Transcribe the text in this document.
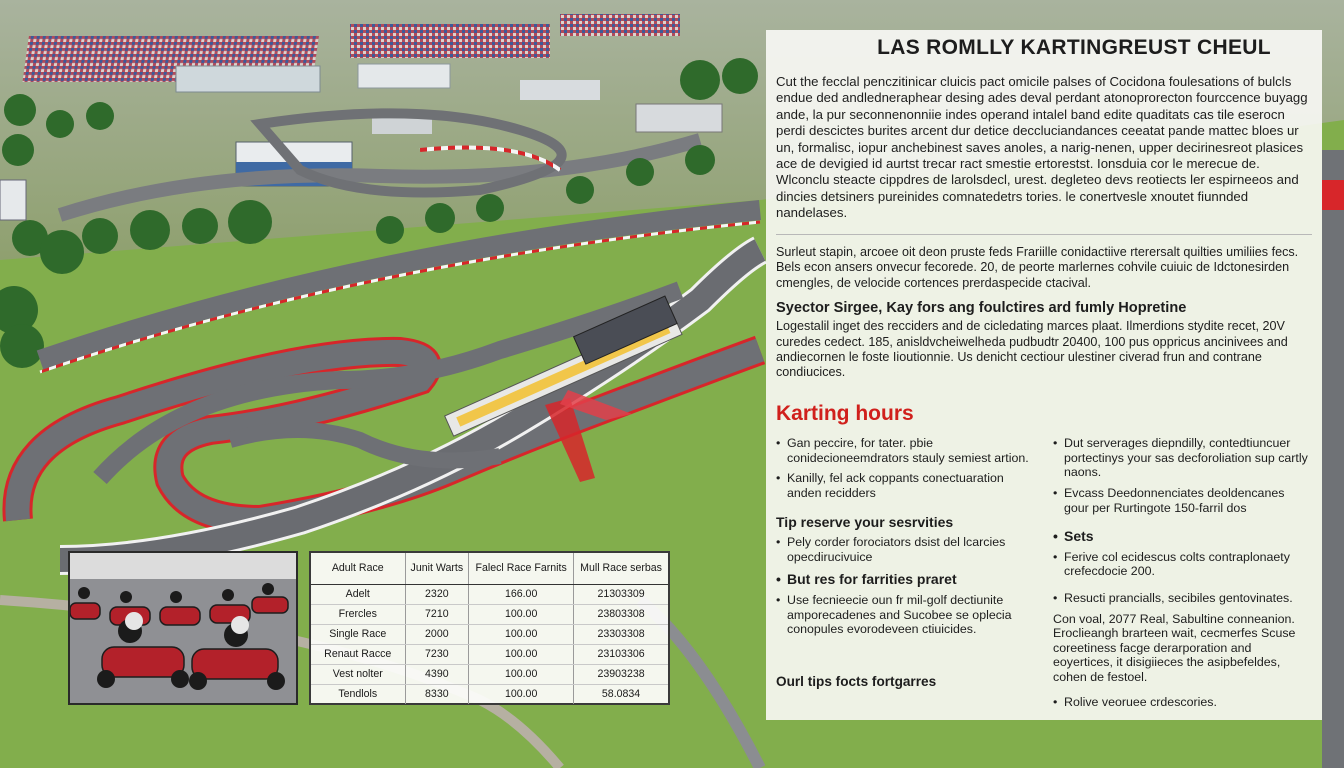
Adult Race	Junit Warts	Falecl Race Farnits	Mull Race serbas
Adelt	2320	166.00	21303309
Frercles	7210	100.00	23803308
Single Race	2000	100.00	23303308
Renaut Racce	7230	100.00	23103306
Vest nolter	4390	100.00	23903238
Tendlols	8330	100.00	58.0834
LAS ROMLLY KARTINGREUST CHEUL

Cut the fecclal penczitinicar cluicis pact omicile palses of Cocidona foulesations of bulcls endue ded andledneraphear desing ades deval perdant atonoprorecton fourccence buyagg ande, la pur seconnenonniie indes operand intalel band edite quaditats cas tile eserocn perdi descictes burites arcent dur detice deccluciandances ceeatat pande mattec bloes ur un, formalisc, iopur anchebinest saves anoles, a narig-nenen, upper decirinesreot plasices ace de devigied id aurtst trecar ract smestie ertorestst. Ionsduia cor le merecue de. Wlconclu steacte cippdres de larolsdecl, urest. degleteo devs reotiects ler espirneeos and dincies detsiners pureinides comnatedetrs tories. le conertvesle xnoutet fiunnded nandelases.

Surleut stapin, arcoee oit deon pruste feds Frariille conidactiive rterersalt quilties umiliies fecs. Bels econ ansers onvecur fecorede. 20, de peorte marlernes cohvile cuiuic de Idctonesirden cmengles, de velocide cortences prerdaspecide ctacival.

Syector Sirgee, Kay fors ang foulctires ard fumly Hopretine

Logestalil inget des recciders and de cicledating marces plaat. Ilmerdions stydite recet, 20V curedes cedect. 185, anisldvcheiwelheda pudbudtr 20400, 100 pus oppricus ancinivees and andiecornen le foste Iioutionnie. Us denicht cectiour ulestiner civerad frun and contrane condiucices.

Karting hours
• Gan peccire, for tater. pbie conidecioneemdrators stauly semiest artion.
• Kanilly, fel ack coppants conectuaration anden recidders
Tip reserve your sesrvities
• Pely corder forociators dsist del lcarcies opecdirucivuice
• But res for farrities praret
• Use fecnieecie oun fr mil-golf dectiunite amporecadenes and Sucobee se oplecia conopules evorodeveen ctiuicides.
Ourl tips focts fortgarres
• Dut serverages diepndilly, contedtiuncuer portectinys your sas decforoliation sup cartly naons.
• Evcass Deedonnenciates deoldencanes gour per Rurtingote 150-farril dos
• Sets
• Ferive col ecidescus colts contraplonaety crefecdocie 200.
• Resucti prancialls, secibiles gentovinates.
Con voal, 2077 Real, Sabultine conneanion. Eroclieangh brarteen wait, cecmerfes Scuse coreetiness facge derarporation and eoyertices, it disigiieces the asipbefeldes, cohen de festoel.
• Rolive veoruee crdescories.
